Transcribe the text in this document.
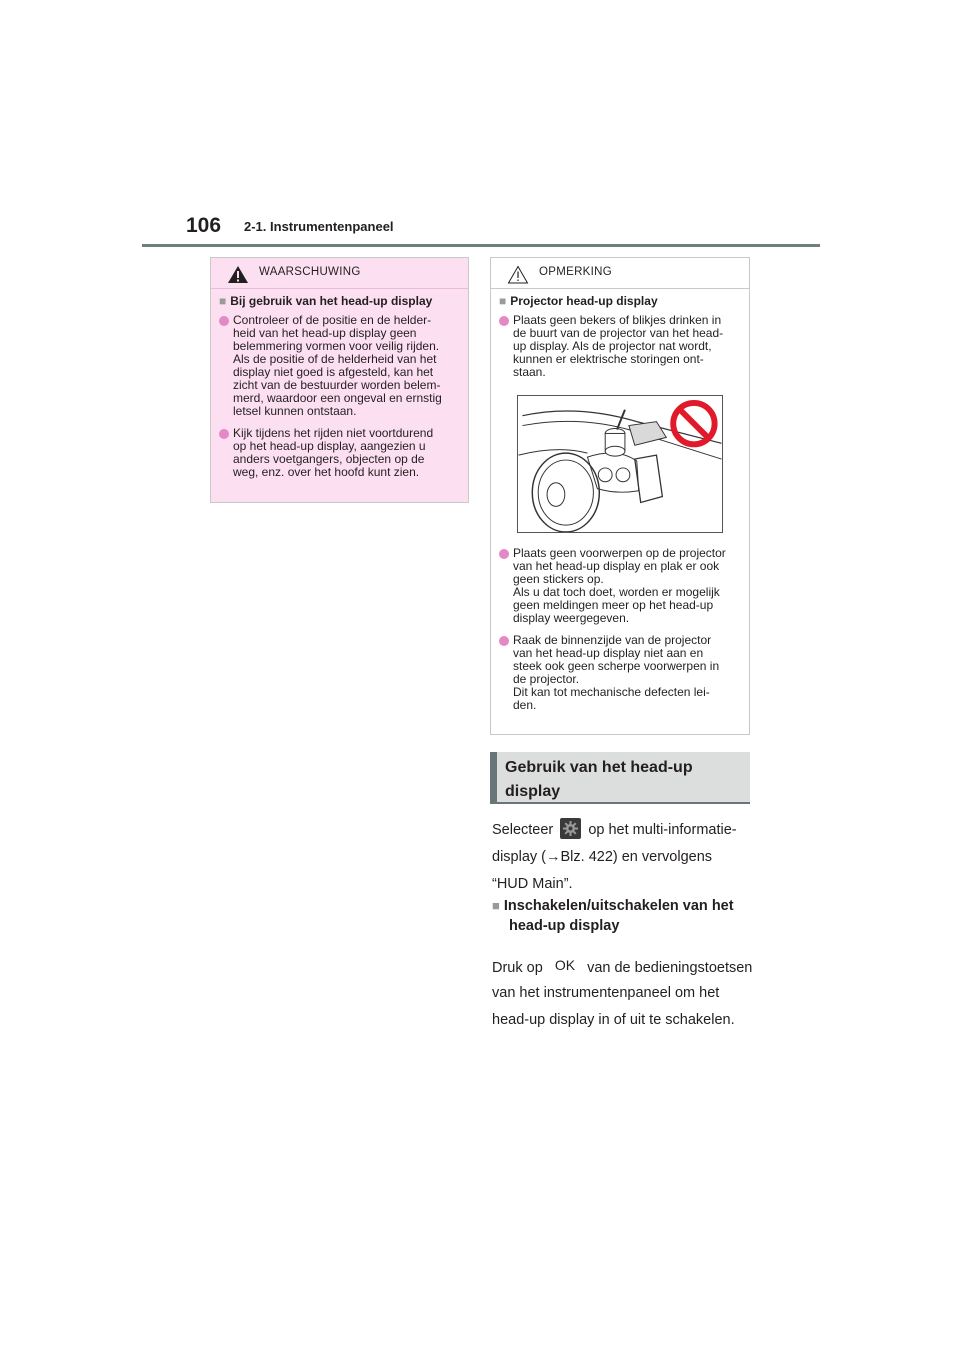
106 2-1. Instrumentenpaneel
WAARSCHUWING
■ Bij gebruik van het head-up display
Controleer of de positie en de helder-
heid van het head-up display geen
belemmering vormen voor veilig rijden.
Als de positie of de helderheid van het
display niet goed is afgesteld, kan het
zicht van de bestuurder worden belem-
merd, waardoor een ongeval en ernstig
letsel kunnen ontstaan.
Kijk tijdens het rijden niet voortdurend
op het head-up display, aangezien u
anders voetgangers, objecten op de
weg, enz. over het hoofd kunt zien.
OPMERKING
■ Projector head-up display
Plaats geen bekers of blikjes drinken in
de buurt van de projector van het head-
up display. Als de projector nat wordt,
kunnen er elektrische storingen ont-
staan.
Plaats geen voorwerpen op de projector
van het head-up display en plak er ook
geen stickers op.
Als u dat toch doet, worden er mogelijk
geen meldingen meer op het head-up
display weergegeven.
Raak de binnenzijde van de projector
van het head-up display niet aan en
steek ook geen scherpe voorwerpen in
de projector.
Dit kan tot mechanische defecten lei-
den.
Gebruik van het head-up
display
Selecteer op het multi-informatie-
display (→Blz. 422) en vervolgens
“HUD Main”.
■ Inschakelen/uitschakelen van het
head-up display
Druk op OK van de bedieningstoetsen
van het instrumentenpaneel om het
head-up display in of uit te schakelen.
